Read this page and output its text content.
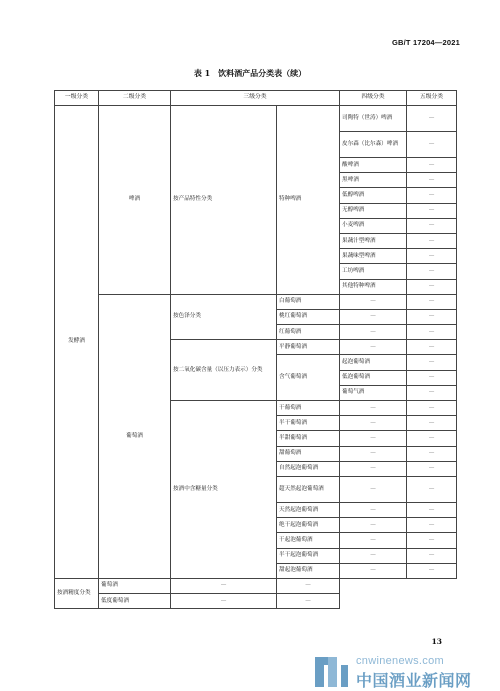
GB/T 17204—2021
表 1 饮料酒产品分类表（续）
一级分类	二级分类	三级分类		四级分类	五级分类
发酵酒	啤酒	按产品特性分类	特种啤酒	司陶特（世涛）啤酒	—
				皮尔森（比尔森）啤酒	—
				酸啤酒	—
				黑啤酒	—
				低醇啤酒	—
				无醇啤酒	—
				小麦啤酒	—
				果蔬汁型啤酒	—
				果蔬味型啤酒	—
				工坊啤酒	—
				其他特种啤酒	—
	葡萄酒	按色泽分类	白葡萄酒	—	—
			桃红葡萄酒	—	—
			红葡萄酒	—	—
		按二氧化碳含量（以压力表示）分类	平静葡萄酒	—	—
			含气葡萄酒	起泡葡萄酒	—
				低泡葡萄酒	—
				葡萄气酒	—
		按酒中含糖量分类	干葡萄酒	—	—
			半干葡萄酒	—	—
			半甜葡萄酒	—	—
			甜葡萄酒	—	—
			自然起泡葡萄酒	—	—
			超天然起泡葡萄酒	—	—
			天然起泡葡萄酒	—	—
			绝干起泡葡萄酒	—	—
			干起泡葡萄酒	—	—
			半干起泡葡萄酒	—	—
			甜起泡葡萄酒	—	—
按酒精度分类	葡萄酒	—	—		
	低度葡萄酒	—	—		
13
cnwinenews.com
中国酒业新闻网
